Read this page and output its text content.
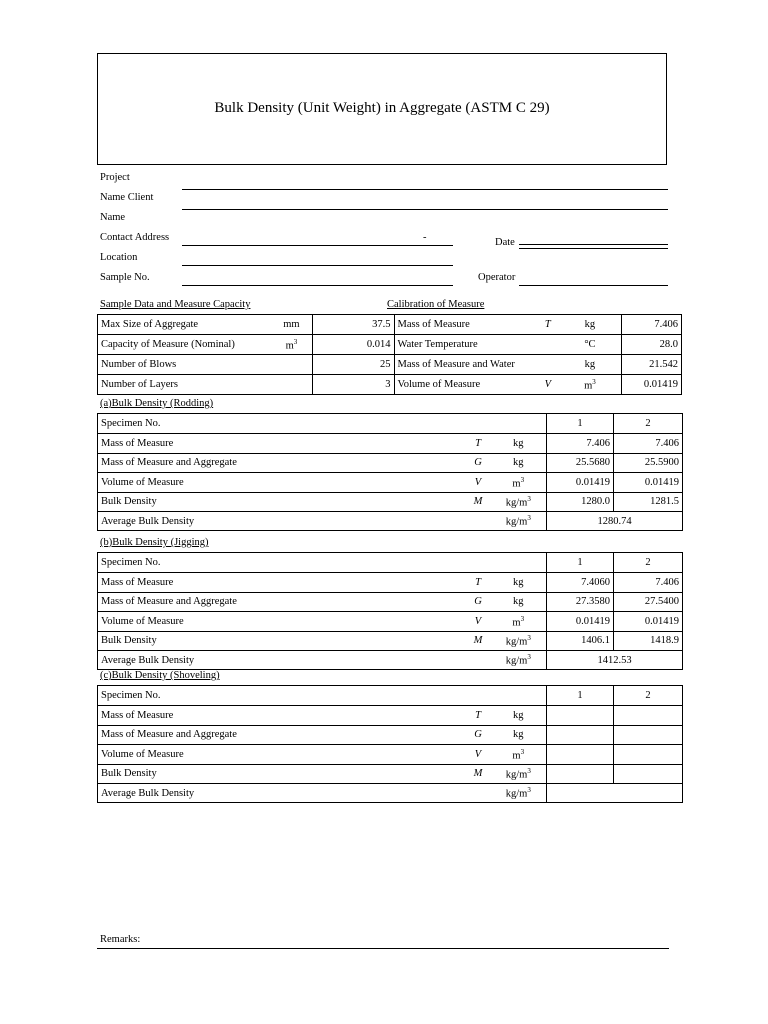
Bulk Density (Unit Weight) in Aggregate (ASTM C 29)
Project
Name Client
Name
Contact Address	-	Date
Location
Sample No.	Operator
Sample Data and Measure Capacity	Calibration of Measure
Max Size of Aggregate	mm	37.5	Mass of Measure	T	kg	7.406
Capacity of Measure (Nominal)	$m^3$	0.014	Water Temperature		°C	28.0
Number of Blows		25	Mass of Measure and Water		kg	21.542
Number of Layers		3	Volume of Measure	V	$m^3$	0.01419
(a)Bulk Density (Rodding)
Specimen No.			1	2
Mass of Measure	T	kg	7.406	7.406
Mass of Measure and Aggregate	G	kg	25.5680	25.5900
Volume of Measure	V	$m^3$	0.01419	0.01419
Bulk Density	M	$kg/m^3$	1280.0	1281.5
Average Bulk Density		$kg/m^3$	1280.74	
(b)Bulk Density (Jigging)
Specimen No.			1	2
Mass of Measure	T	kg	7.4060	7.406
Mass of Measure and Aggregate	G	kg	27.3580	27.5400
Volume of Measure	V	$m^3$	0.01419	0.01419
Bulk Density	M	$kg/m^3$	1406.1	1418.9
Average Bulk Density		$kg/m^3$	1412.53	
(c)Bulk Density (Shoveling)
Specimen No.			1	2
Mass of Measure	T	kg		
Mass of Measure and Aggregate	G	kg		
Volume of Measure	V	$m^3$		
Bulk Density	M	$kg/m^3$		
Average Bulk Density		$kg/m^3$	
Remarks:
